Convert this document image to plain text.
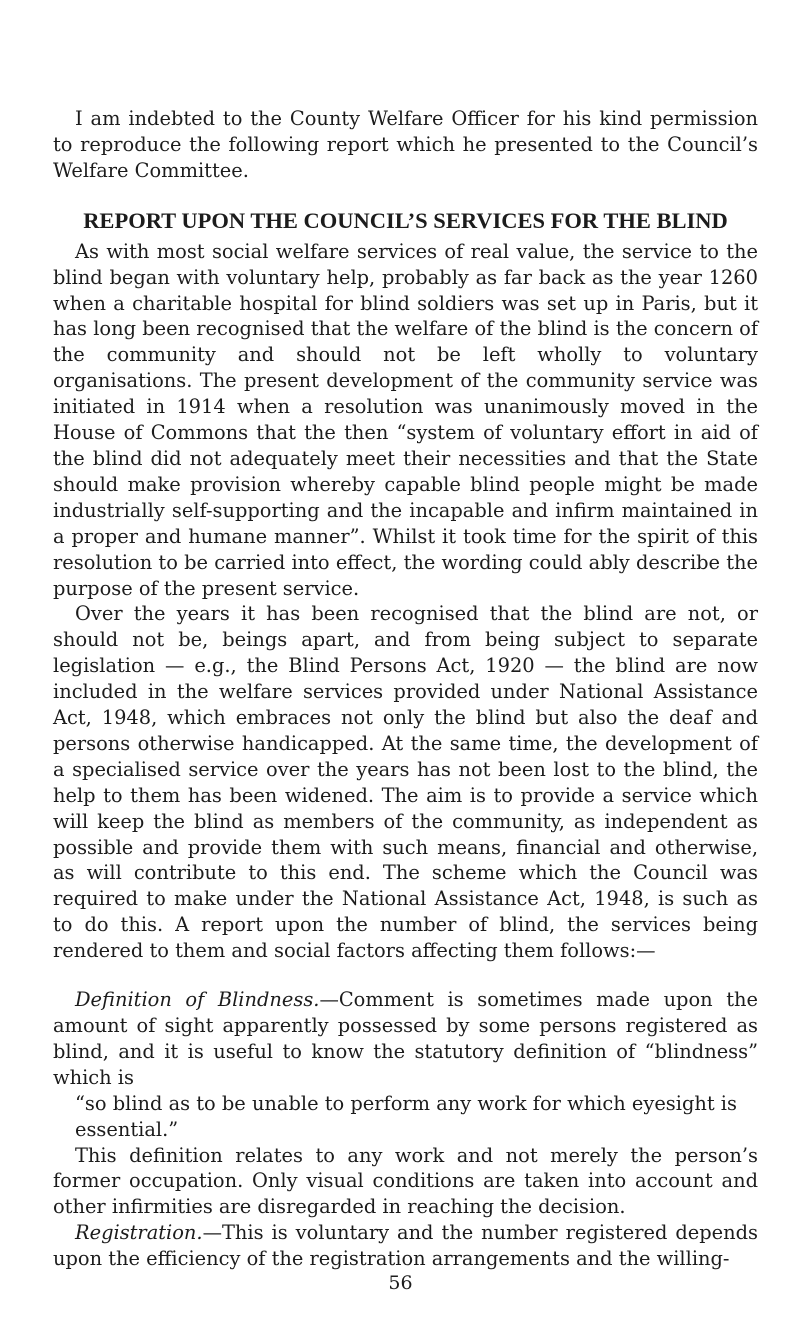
I am indebted to the County Welfare Officer for his kind permission to reproduce the following report which he presented to the Council’s Welfare Committee.

REPORT UPON THE COUNCIL’S SERVICES FOR THE BLIND

As with most social welfare services of real value, the service to the blind began with voluntary help, probably as far back as the year 1260 when a charitable hospital for blind soldiers was set up in Paris, but it has long been recognised that the welfare of the blind is the concern of the community and should not be left wholly to voluntary organisations. The present development of the community service was initiated in 1914 when a resolution was unanimously moved in the House of Commons that the then “system of voluntary effort in aid of the blind did not adequately meet their necessities and that the State should make provision whereby capable blind people might be made industrially self-supporting and the incapable and infirm maintained in a proper and humane manner”. Whilst it took time for the spirit of this resolution to be carried into effect, the wording could ably describe the purpose of the present service.

Over the years it has been recognised that the blind are not, or should not be, beings apart, and from being subject to separate legislation — e.g., the Blind Persons Act, 1920 — the blind are now included in the welfare services provided under National Assistance Act, 1948, which embraces not only the blind but also the deaf and persons otherwise handicapped. At the same time, the development of a specialised service over the years has not been lost to the blind, the help to them has been widened. The aim is to provide a service which will keep the blind as members of the community, as independent as possible and provide them with such means, financial and otherwise, as will contribute to this end. The scheme which the Council was required to make under the National Assistance Act, 1948, is such as to do this. A report upon the number of blind, the services being rendered to them and social factors affecting them follows:—

Definition of Blindness.—Comment is sometimes made upon the amount of sight apparently possessed by some persons registered as blind, and it is useful to know the statutory definition of “blindness” which is

“so blind as to be unable to perform any work for which eyesight is essential.”

This definition relates to any work and not merely the person’s former occupation. Only visual conditions are taken into account and other infirmities are disregarded in reaching the decision.

Registration.—This is voluntary and the number registered depends upon the efficiency of the registration arrangements and the willing-

56
